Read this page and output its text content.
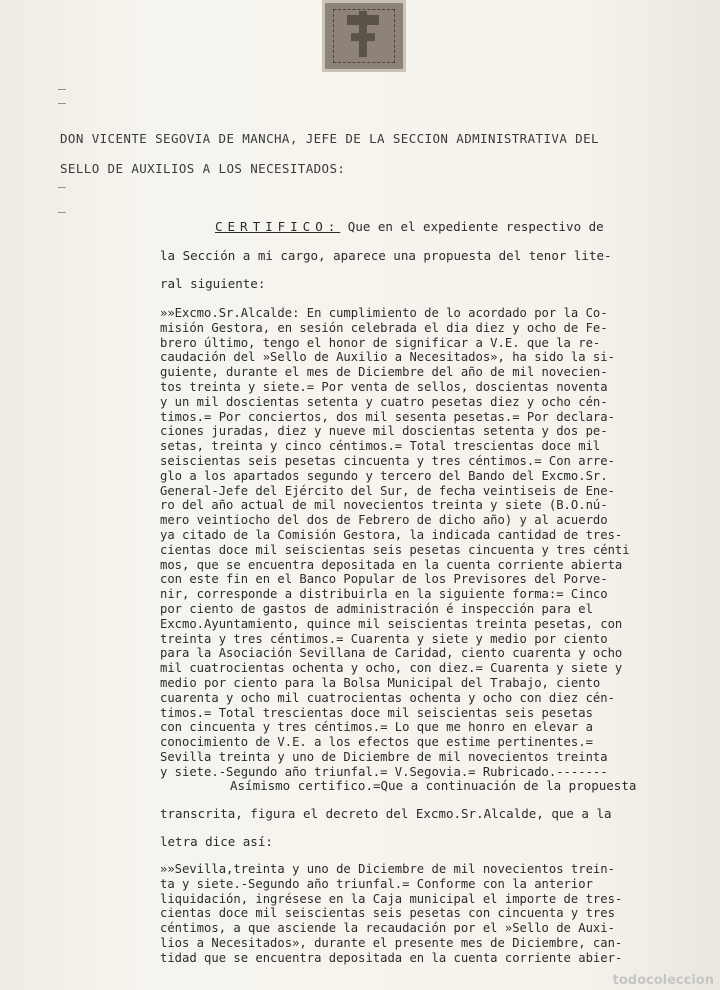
—
—
—
—
DON VICENTE SEGOVIA DE MANCHA, JEFE DE LA SECCION ADMINISTRATIVA DEL
SELLO DE AUXILIOS A LOS NECESITADOS:
CERTIFICO: Que en el expediente respectivo de
la Sección a mi cargo, aparece una propuesta del tenor lite-
ral siguiente:

»»Excmo.Sr.Alcalde: En cumplimiento de lo acordado por la Co-

misión Gestora, en sesión celebrada el dia diez y ocho de Fe-

brero último, tengo el honor de significar a V.E. que la re-

caudación del »Sello de Auxilio a Necesitados», ha sido la si-

guiente, durante el mes de Diciembre del año de mil novecien-

tos treinta y siete.= Por venta de sellos, doscientas noventa

y un mil doscientas setenta y cuatro pesetas diez y ocho cén-

timos.= Por conciertos, dos mil sesenta pesetas.= Por declara-

ciones juradas, diez y nueve mil doscientas setenta y dos pe-

setas, treinta y cinco céntimos.= Total trescientas doce mil

seiscientas seis pesetas cincuenta y tres céntimos.= Con arre-

glo a los apartados segundo y tercero del Bando del Excmo.Sr.

General-Jefe del Ejército del Sur, de fecha veintiseis de Ene-

ro del año actual de mil novecientos treinta y siete (B.O.nú-

mero veintiocho del dos de Febrero de dicho año) y al acuerdo

ya citado de la Comisión Gestora, la indicada cantidad de tres-

cientas doce mil seiscientas seis pesetas cincuenta y tres cénti

mos, que se encuentra depositada en la cuenta corriente abierta

con este fin en el Banco Popular de los Previsores del Porve-

nir, corresponde a distribuirla en la siguiente forma:= Cinco

por ciento de gastos de administración é inspección para el

Excmo.Ayuntamiento, quince mil seiscientas treinta pesetas, con

treinta y tres céntimos.= Cuarenta y siete y medio por ciento

para la Asociación Sevillana de Caridad, ciento cuarenta y ocho

mil cuatrocientas ochenta y ocho, con diez.= Cuarenta y siete y

medio por ciento para la Bolsa Municipal del Trabajo, ciento

cuarenta y ocho mil cuatrocientas ochenta y ocho con diez cén-

timos.= Total trescientas doce mil seiscientas seis pesetas

con cincuenta y tres céntimos.= Lo que me honro en elevar a

conocimiento de V.E. a los efectos que estime pertinentes.=

Sevilla treinta y uno de Diciembre de mil novecientos treinta

y siete.-Segundo año triunfal.= V.Segovia.= Rubricado.-------

Asímismo certifico.=Que a continuación de la propuesta
transcrita, figura el decreto del Excmo.Sr.Alcalde, que a la
letra dice así:

»»Sevilla,treinta y uno de Diciembre de mil novecientos trein-

ta y siete.-Segundo año triunfal.= Conforme con la anterior

liquidación, ingrésese en la Caja municipal el importe de tres-

cientas doce mil seiscientas seis pesetas con cincuenta y tres

céntimos, a que asciende la recaudación por el »Sello de Auxi-

lios a Necesitados», durante el presente mes de Diciembre, can-

tidad que se encuentra depositada en la cuenta corriente abier-

todocoleccion
